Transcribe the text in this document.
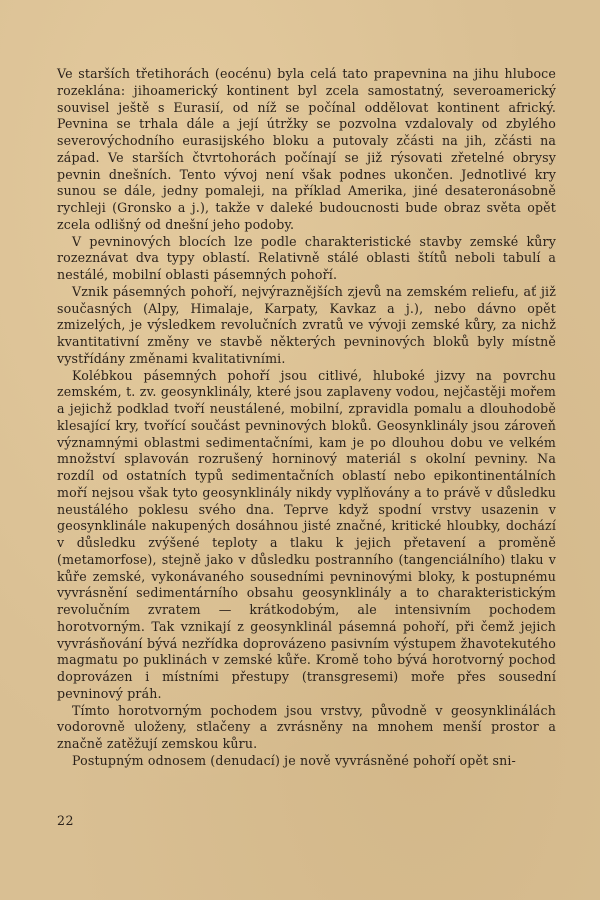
Ve starších třetihorách (eocénu) byla celá tato prapevnina na jihu hluboce rozeklána: jihoamerický kontinent byl zcela samostatný, severoamerický souvisel ještě s Eurasií, od níž se počínal oddělovat kontinent africký. Pevnina se trhala dále a její útržky se pozvolna vzdalovaly od zbylého severovýchodního eurasijského bloku a putovaly zčásti na jih, zčásti na západ. Ve starších čtvrtohorách počínají se již rýsovati zřetelné obrysy pevnin dnešních. Tento vývoj není však podnes ukončen. Jednotlivé kry sunou se dále, jedny pomaleji, na příklad Amerika, jiné desateronásobně rychleji (Gronsko a j.), takže v daleké budoucnosti bude obraz světa opět zcela odlišný od dnešní jeho podoby.

V pevninových blocích lze podle charakteristické stavby zemské kůry rozeznávat dva typy oblastí. Relativně stálé oblasti štítů neboli tabulí a nestálé, mobilní oblasti pásemných pohoří.

Vznik pásemných pohoří, nejvýraznějších zjevů na zemském reliefu, ať již současných (Alpy, Himalaje, Karpaty, Kavkaz a j.), nebo dávno opět zmizelých, je výsledkem revolučních zvratů ve vývoji zemské kůry, za nichž kvantitativní změny ve stavbě některých pevninových bloků byly místně vystřídány změnami kvalitativními.

Kolébkou pásemných pohoří jsou citlivé, hluboké jizvy na povrchu zemském, t. zv. geosynklinály, které jsou zaplaveny vodou, nejčastěji mořem a jejichž podklad tvoří neustálené, mobilní, zpravidla pomalu a dlouhodobě klesající kry, tvořící součást pevninových bloků. Geosynklinály jsou zároveň významnými oblastmi sedimentačními, kam je po dlouhou dobu ve velkém množství splavován rozrušený horninový materiál s okolní pevniny. Na rozdíl od ostatních typů sedimentačních oblastí nebo epikontinentálních moří nejsou však tyto geosynklinály nikdy vyplňovány a to právě v důsledku neustálého poklesu svého dna. Teprve když spodní vrstvy usazenin v geosynklinále nakupených dosáhnou jisté značné, kritické hloubky, dochází v důsledku zvýšené teploty a tlaku k jejich přetavení a proměně (metamorfose), stejně jako v důsledku postranního (tangenciálního) tlaku v kůře zemské, vykonávaného sousedními pevninovými bloky, k postupnému vyvrásnění sedimentárního obsahu geosynklinály a to charakteristickým revolučním zvratem — krátkodobým, ale intensivním pochodem horotvorným. Tak vznikají z geosynklinál pásemná pohoří, při čemž jejich vyvrásňování bývá nezřídka doprovázeno pasivním výstupem žhavotekutého magmatu po puklinách v zemské kůře. Kromě toho bývá horotvorný pochod doprovázen i místními přestupy (transgresemi) moře přes sousední pevninový práh.

Tímto horotvorným pochodem jsou vrstvy, původně v geosynklinálách vodorovně uloženy, stlačeny a zvrásněny na mnohem menší prostor a značně zatěžují zemskou kůru.

Postupným odnosem (denudací) je nově vyvrásněné pohoří opět sni-

22
